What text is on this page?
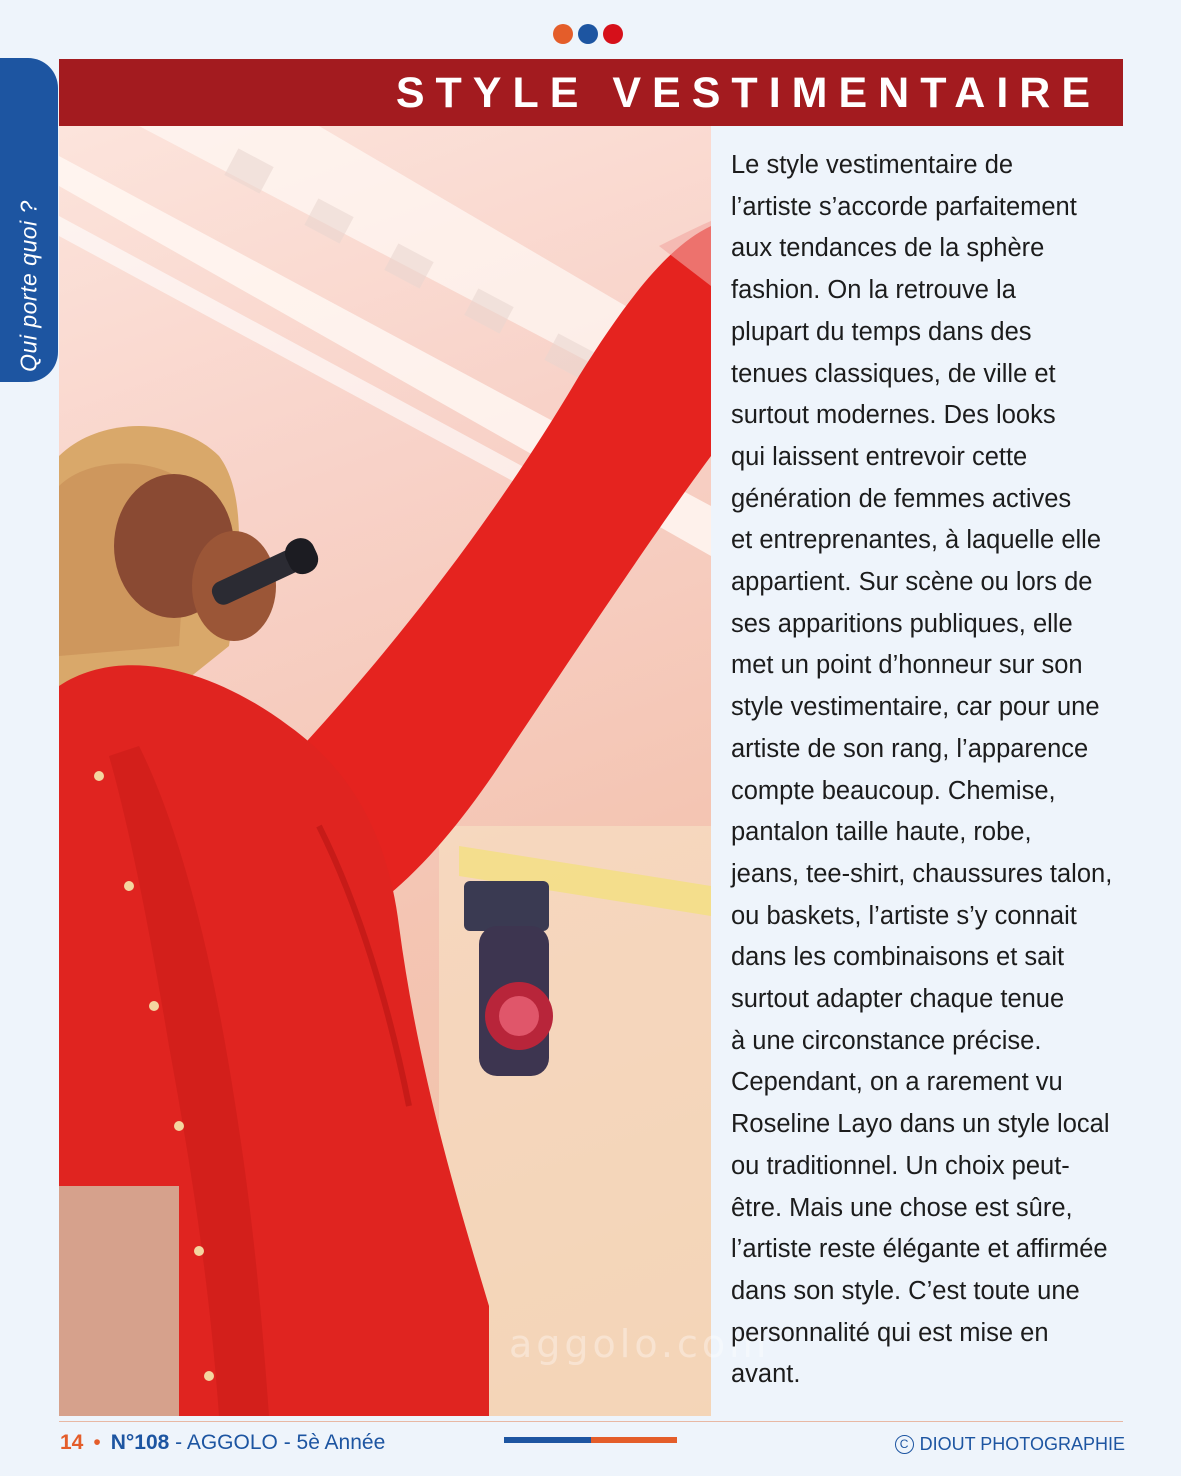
Qui porte quoi ?
STYLE VESTIMENTAIRE
aggolo.com
Le style vestimentaire de
l’artiste s’accorde parfaitement
aux tendances de la sphère
fashion. On la retrouve la
plupart du temps dans des
tenues classiques, de ville et
surtout modernes. Des looks
qui laissent entrevoir cette
génération de femmes actives
et entreprenantes, à laquelle elle
appartient. Sur scène ou lors de
ses apparitions publiques, elle
met un point d’honneur sur son
style vestimentaire, car pour une
artiste de son rang, l’apparence
compte beaucoup. Chemise,
pantalon taille haute, robe,
jeans, tee-shirt, chaussures talon,
ou baskets, l’artiste s’y connait
dans les combinaisons et sait
surtout adapter chaque tenue
à une circonstance précise.
Cependant, on a rarement vu
Roseline Layo dans un style local
ou traditionnel. Un choix peut-
être. Mais une chose est sûre,
l’artiste reste élégante et affirmée
dans son style. C’est toute une
personnalité qui est mise en
avant.
14 • N°108 - AGGOLO - 5è Année	C DIOUT PHOTOGRAPHIE
